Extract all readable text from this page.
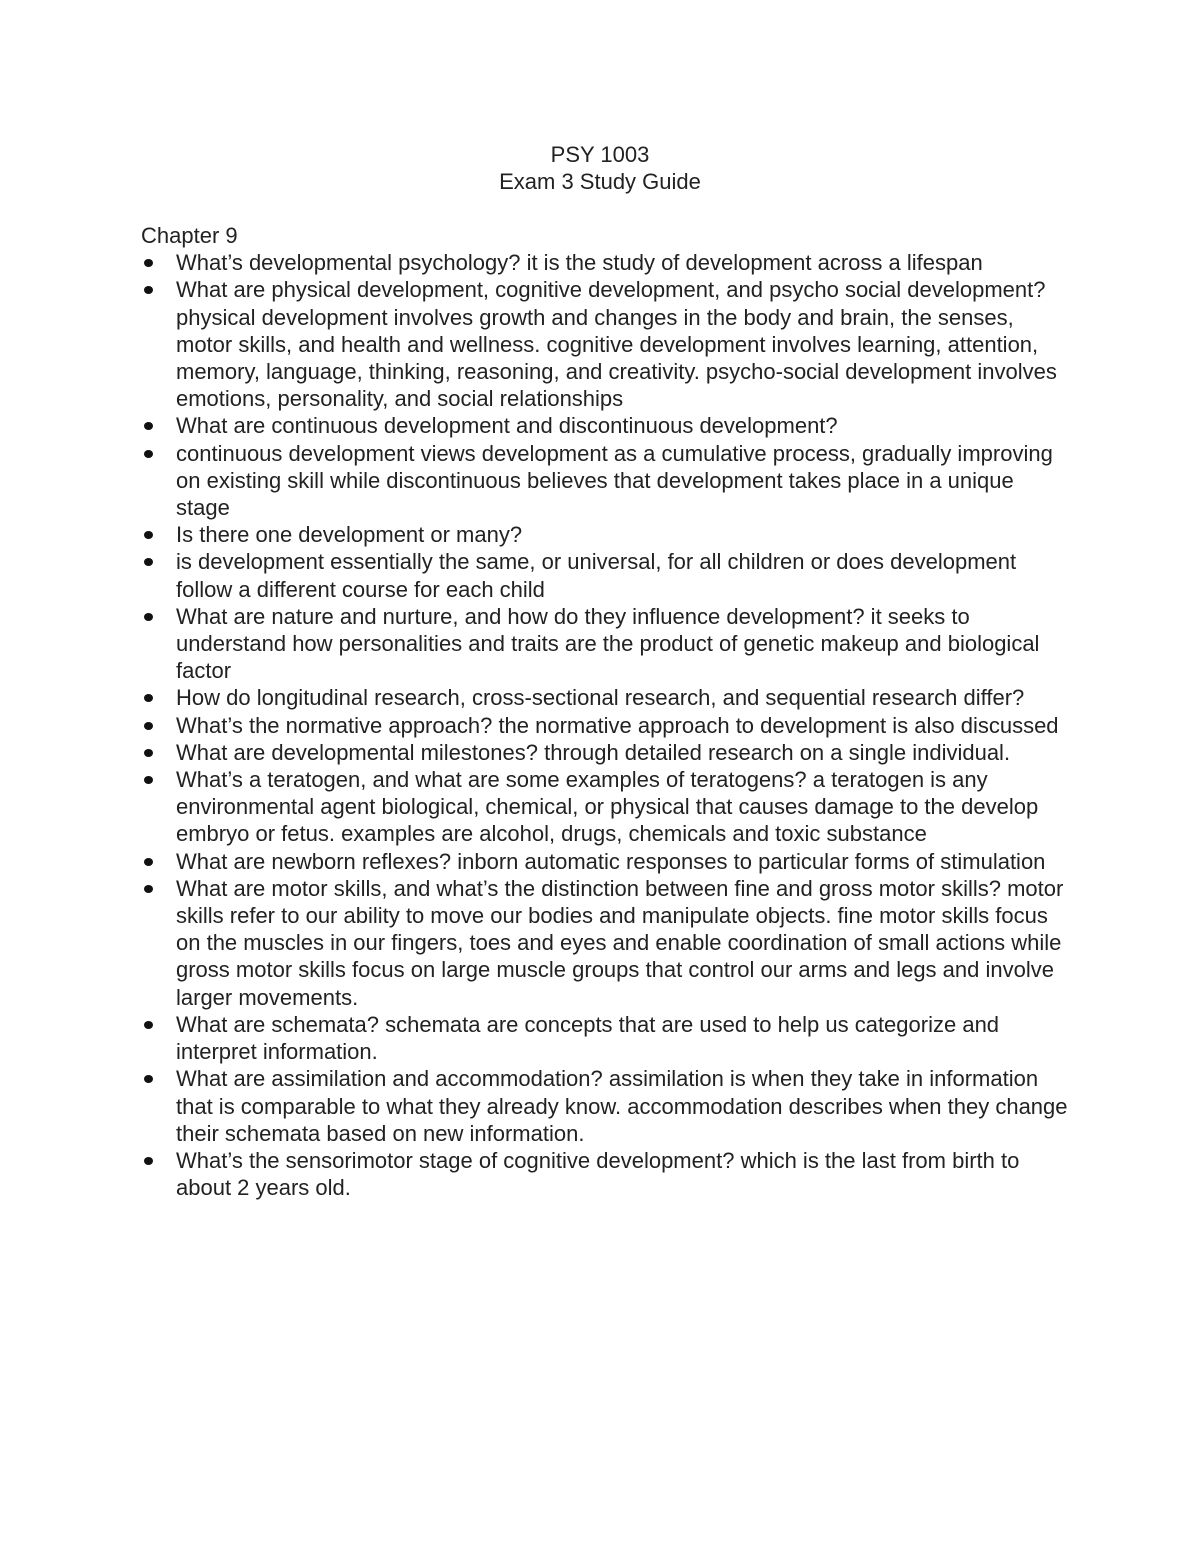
PSY 1003
Exam 3 Study Guide
Chapter 9
What’s developmental psychology? it is the study of development across a lifespan
What are physical development, cognitive development, and psycho social development? physical development involves growth and changes in the body and brain, the senses, motor skills, and health and wellness. cognitive development involves learning, attention, memory, language, thinking, reasoning, and creativity. psycho-social development involves emotions, personality, and social relationships
What are continuous development and discontinuous development?
continuous development views development as a cumulative process, gradually improving on existing skill while discontinuous believes that development takes place in a unique stage
Is there one development or many?
is development essentially the same, or universal, for all children or does development follow a different course for each child
What are nature and nurture, and how do they influence development? it seeks to understand how personalities and traits are the product of genetic makeup and biological factor
How do longitudinal research, cross-sectional research, and sequential research differ?
What’s the normative approach? the normative approach to development is also discussed
What are developmental milestones? through detailed research on a single individual.
What’s a teratogen, and what are some examples of teratogens? a teratogen is any environmental agent biological, chemical, or physical that causes damage to the develop embryo or fetus. examples are alcohol, drugs, chemicals and toxic substance
What are newborn reflexes? inborn automatic responses to particular forms of stimulation
What are motor skills, and what’s the distinction between fine and gross motor skills? motor skills refer to our ability to move our bodies and manipulate objects. fine motor skills focus on the muscles in our fingers, toes and eyes and enable coordination of small actions while gross motor skills focus on large muscle groups that control our arms and legs and involve larger movements.
What are schemata? schemata are concepts that are used to help us categorize and interpret information.
What are assimilation and accommodation? assimilation is when they take in information that is comparable to what they already know. accommodation describes when they change their schemata based on new information.
What’s the sensorimotor stage of cognitive development? which is the last from birth to about 2 years old.
